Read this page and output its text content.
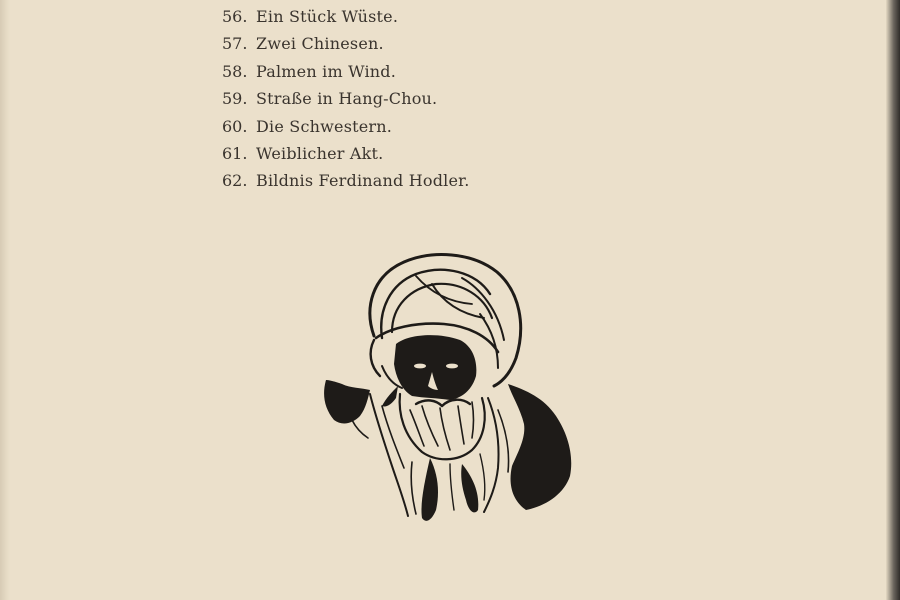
56. Ein Stück Wüste.
57. Zwei Chinesen.
58. Palmen im Wind.
59. Straße in Hang-Chou.
60. Die Schwestern.
61. Weiblicher Akt.
62. Bildnis Ferdinand Hodler.
